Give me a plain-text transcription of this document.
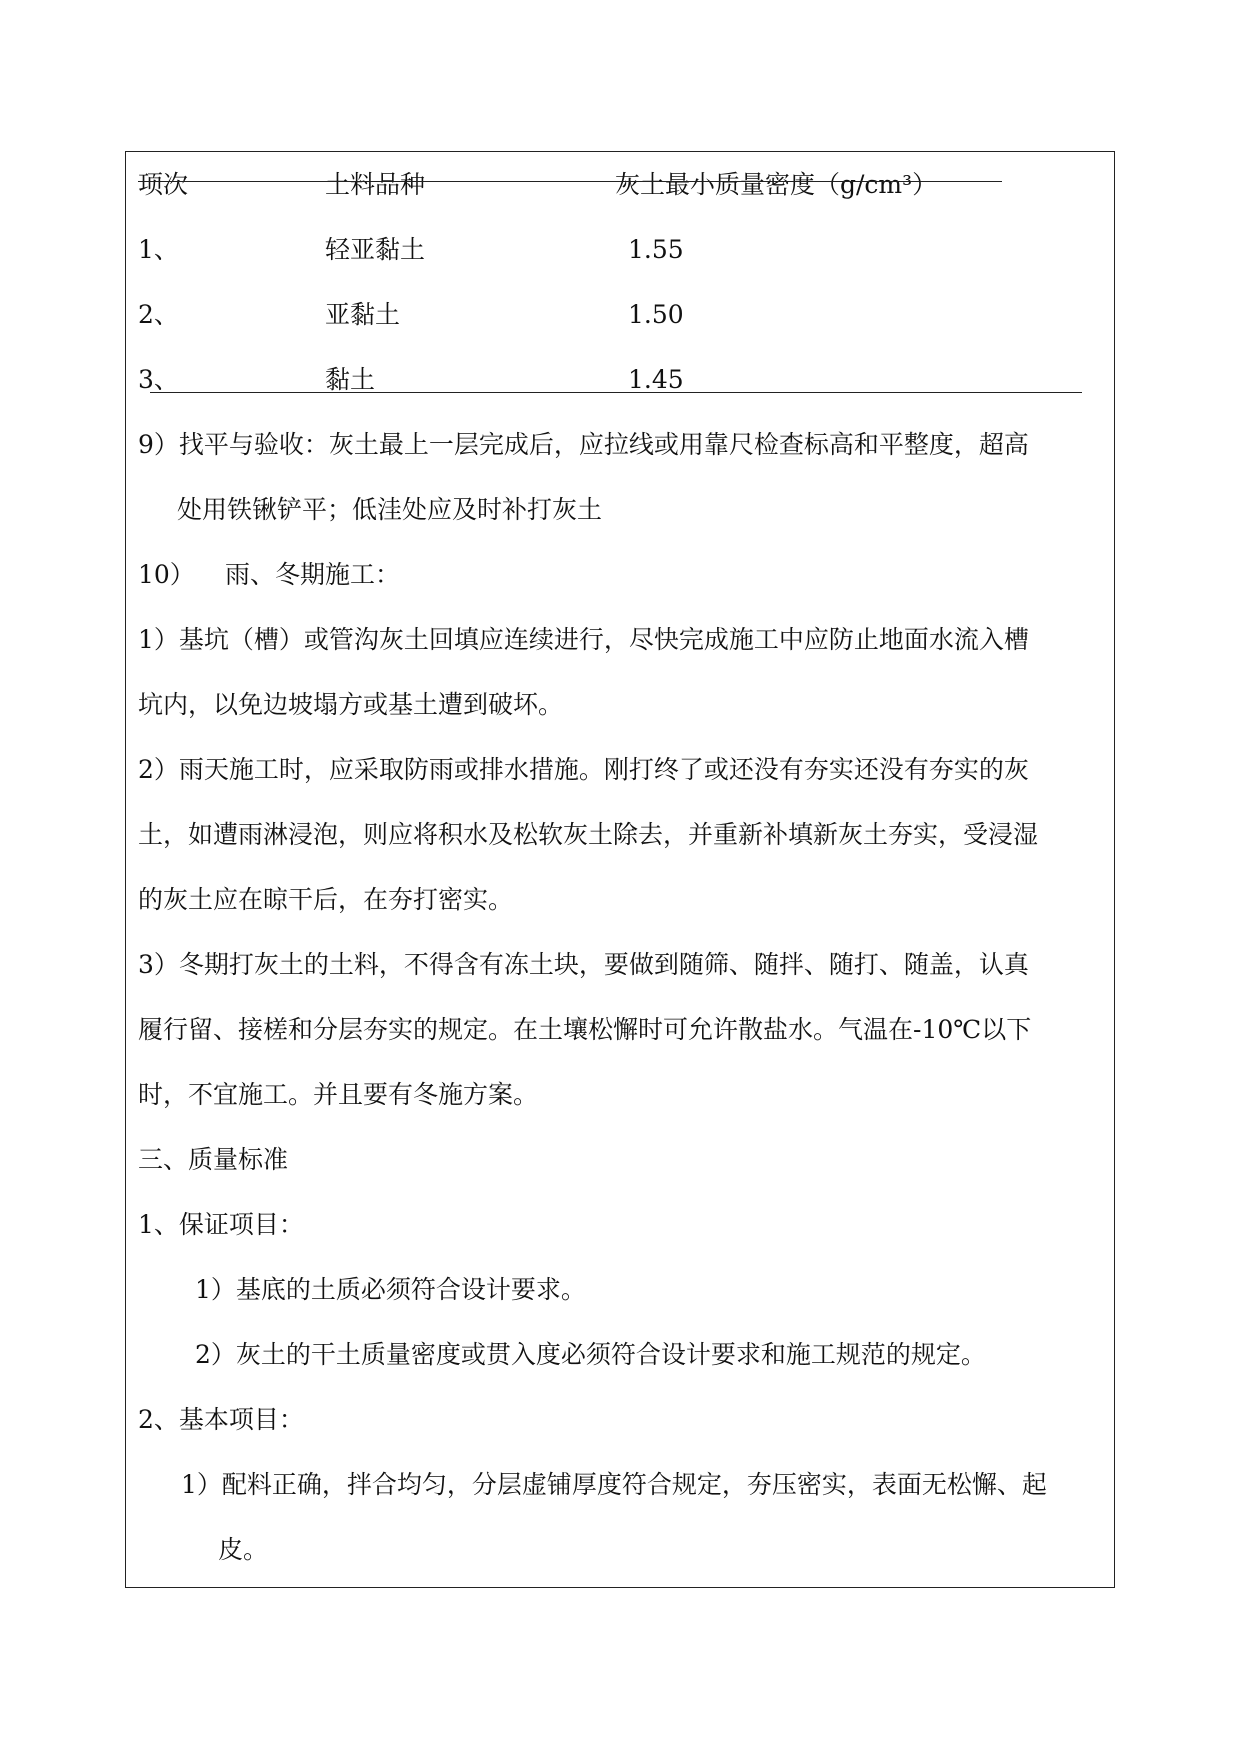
项次	土料品种	灰土最小质量密度（g/cm³）
1、	轻亚黏土	1.55
2、	亚黏土	1.50
3、	黏土	1.45
9）找平与验收：灰土最上一层完成后，应拉线或用靠尺检查标高和平整度，超高
处用铁锹铲平；低洼处应及时补打灰土
10） 雨、冬期施工：
1）基坑（槽）或管沟灰土回填应连续进行，尽快完成施工中应防止地面水流入槽
坑内，以免边坡塌方或基土遭到破坏。
2）雨天施工时，应采取防雨或排水措施。刚打终了或还没有夯实还没有夯实的灰
土，如遭雨淋浸泡，则应将积水及松软灰土除去，并重新补填新灰土夯实，受浸湿
的灰土应在晾干后，在夯打密实。
3）冬期打灰土的土料，不得含有冻土块，要做到随筛、随拌、随打、随盖，认真
履行留、接槎和分层夯实的规定。在土壤松懈时可允许散盐水。气温在-10℃以下
时，不宜施工。并且要有冬施方案。
三、质量标准
1、保证项目：
1）基底的土质必须符合设计要求。
2）灰土的干土质量密度或贯入度必须符合设计要求和施工规范的规定。
2、基本项目：
1）配料正确，拌合均匀，分层虚铺厚度符合规定，夯压密实，表面无松懈、起
皮。
